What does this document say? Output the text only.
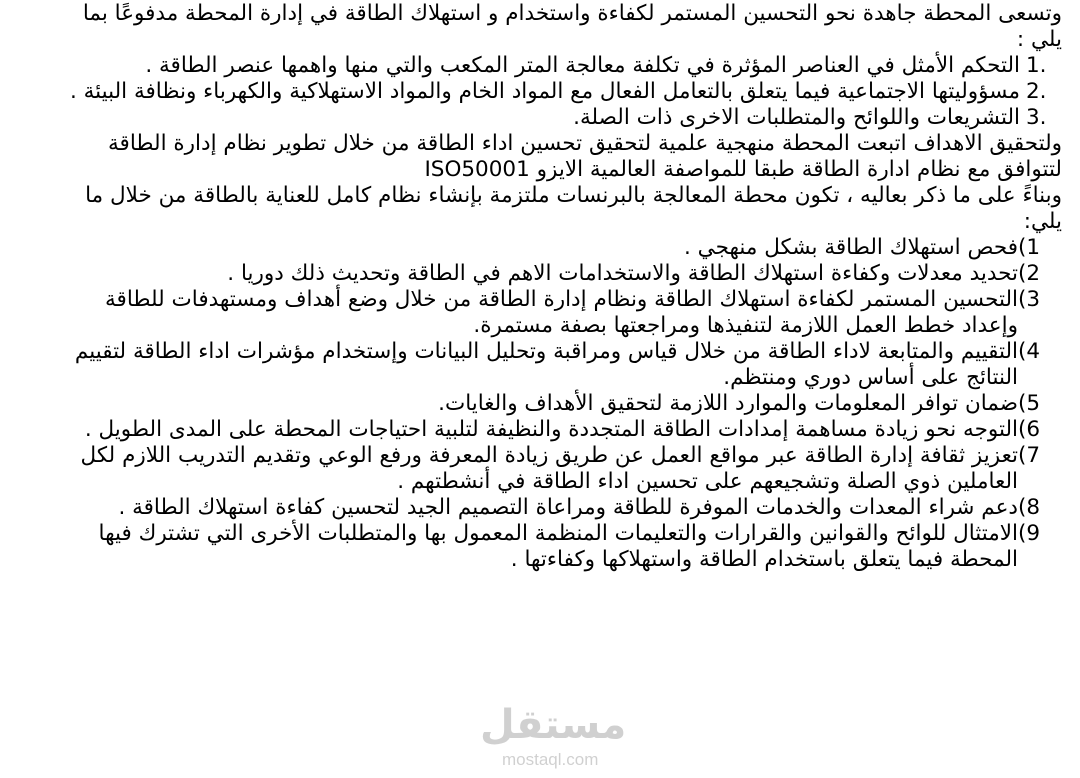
وتسعى المحطة جاهدة نحو التحسين المستمر لكفاءة واستخدام و استهلاك الطاقة في إدارة المحطة مدفوعًا بما يلي :

1.
التحكم الأمثل في العناصر المؤثرة في تكلفة معالجة المتر المكعب والتي منها واهمها عنصر الطاقة .
2.
مسؤوليتها الاجتماعية فيما يتعلق بالتعامل الفعال مع المواد الخام والمواد الاستهلاكية والكهرباء ونظافة البيئة .
3.
التشريعات واللوائح والمتطلبات الاخرى ذات الصلة.

ولتحقيق الاهداف اتبعت المحطة منهجية علمية لتحقيق تحسين اداء الطاقة من خلال تطوير نظام إدارة الطاقة لتتوافق مع نظام ادارة الطاقة طبقا للمواصفة العالمية الايزو ISO50001

وبناءً على ما ذكر بعاليه ، تكون محطة المعالجة بالبرنسات ملتزمة بإنشاء نظام كامل للعناية بالطاقة من خلال ما يلي:

(1
فحص استهلاك الطاقة بشكل منهجي .
(2
تحديد معدلات وكفاءة استهلاك الطاقة والاستخدامات الاهم في الطاقة وتحديث ذلك دوريا .
(3
التحسين المستمر لكفاءة استهلاك الطاقة ونظام إدارة الطاقة من خلال وضع أهداف ومستهدفات للطاقة وإعداد خطط العمل اللازمة لتنفيذها ومراجعتها بصفة مستمرة.
(4
التقييم والمتابعة لاداء الطاقة من خلال قياس ومراقبة وتحليل البيانات وإستخدام مؤشرات اداء الطاقة لتقييم النتائج على أساس دوري ومنتظم.
(5
ضمان توافر المعلومات والموارد اللازمة لتحقيق الأهداف والغايات.
(6
التوجه نحو زيادة مساهمة إمدادات الطاقة المتجددة والنظيفة لتلبية احتياجات المحطة على المدى الطويل .
(7
تعزيز ثقافة إدارة الطاقة عبر مواقع العمل عن طريق زيادة المعرفة ورفع الوعي وتقديم التدريب اللازم لكل العاملين ذوي الصلة وتشجيعهم على تحسين اداء الطاقة في أنشطتهم .
(8
دعم شراء المعدات والخدمات الموفرة للطاقة ومراعاة التصميم الجيد لتحسين كفاءة استهلاك الطاقة .
(9
الامتثال للوائح والقوانين والقرارات والتعليمات المنظمة المعمول بها والمتطلبات الأخرى التي تشترك فيها المحطة فيما يتعلق باستخدام الطاقة واستهلاكها وكفاءتها .
مستقل
mostaql.com
